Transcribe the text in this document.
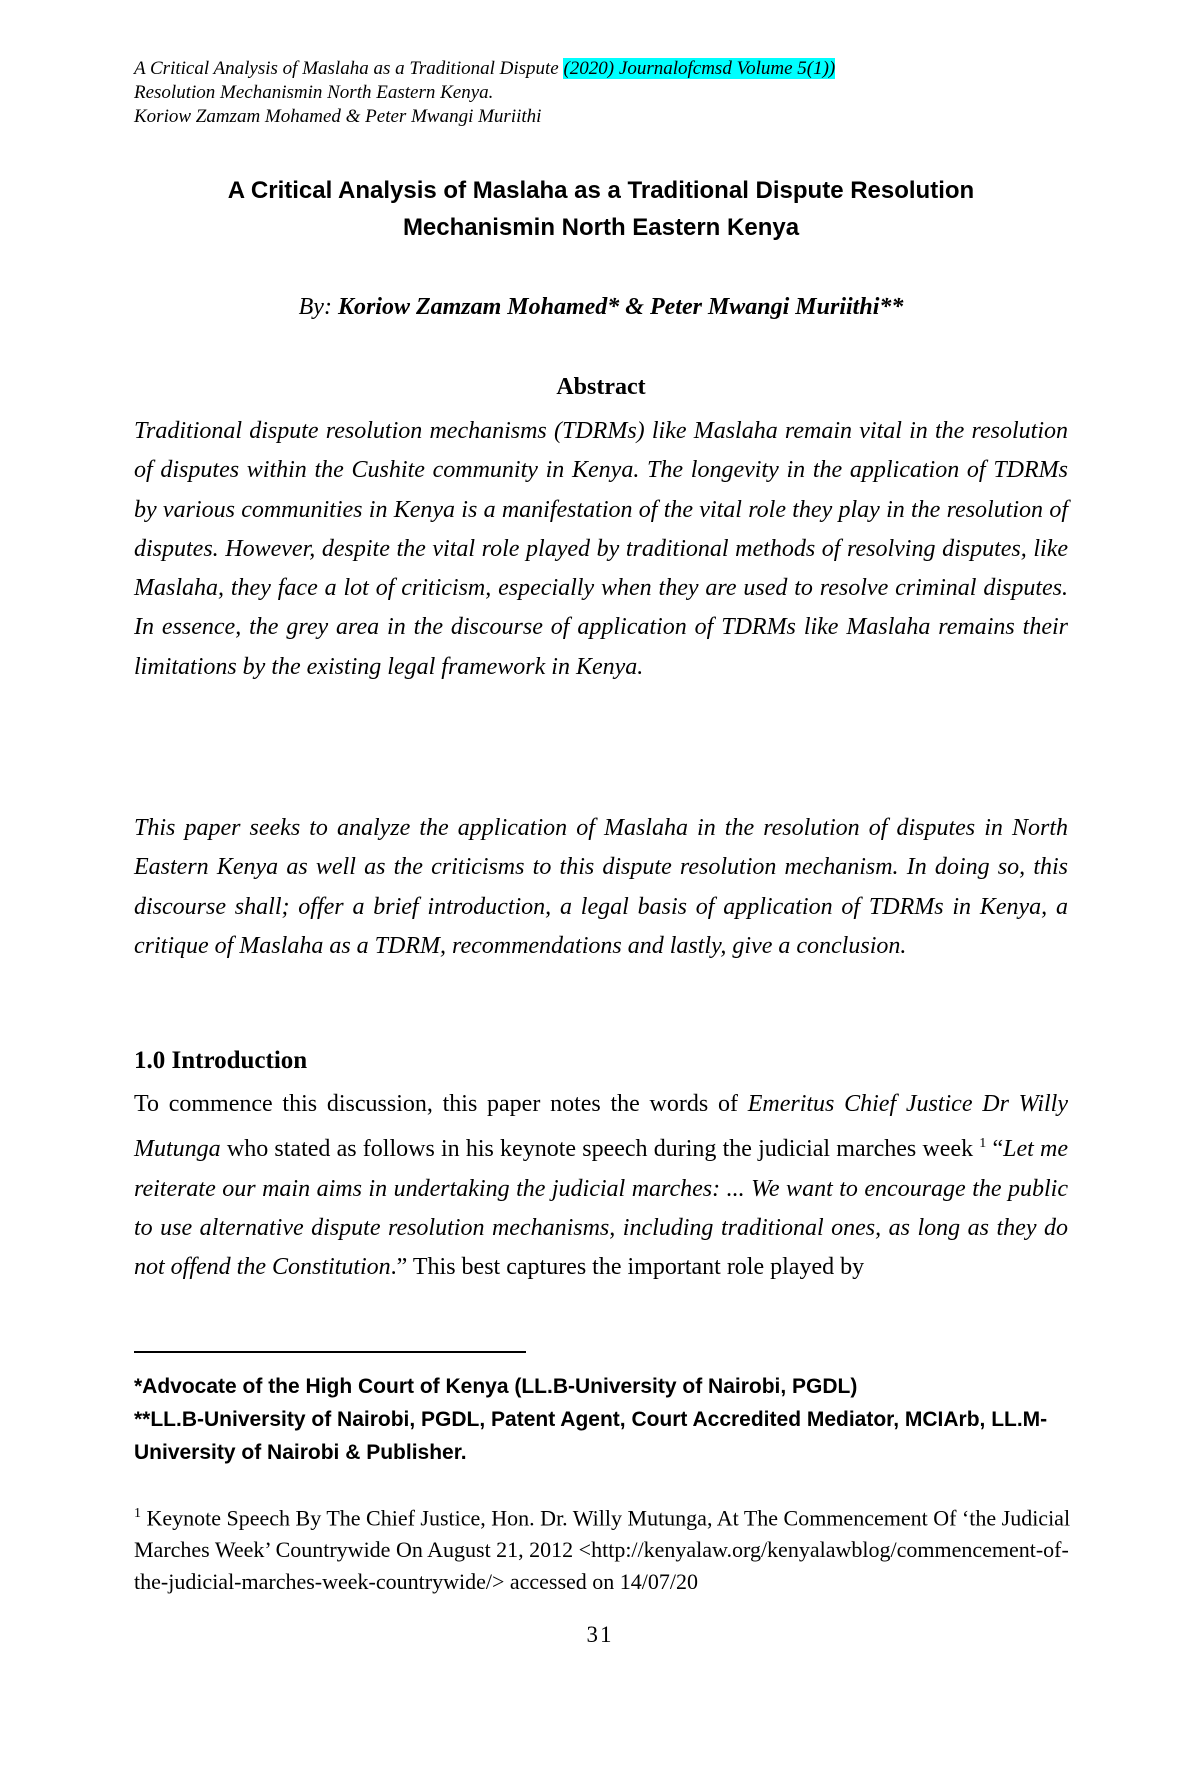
A Critical Analysis of Maslaha as a Traditional Dispute (2020) Journalofcmsd Volume 5(1))
Resolution Mechanismin North Eastern Kenya.
Koriow Zamzam Mohamed & Peter Mwangi Muriithi
A Critical Analysis of Maslaha as a Traditional Dispute Resolution
Mechanismin North Eastern Kenya
By: Koriow Zamzam Mohamed* & Peter Mwangi Muriithi**
Abstract
Traditional dispute resolution mechanisms (TDRMs) like Maslaha remain vital in the resolution of disputes within the Cushite community in Kenya. The longevity in the application of TDRMs by various communities in Kenya is a manifestation of the vital role they play in the resolution of disputes. However, despite the vital role played by traditional methods of resolving disputes, like Maslaha, they face a lot of criticism, especially when they are used to resolve criminal disputes. In essence, the grey area in the discourse of application of TDRMs like Maslaha remains their limitations by the existing legal framework in Kenya.
This paper seeks to analyze the application of Maslaha in the resolution of disputes in North Eastern Kenya as well as the criticisms to this dispute resolution mechanism. In doing so, this discourse shall; offer a brief introduction, a legal basis of application of TDRMs in Kenya, a critique of Maslaha as a TDRM, recommendations and lastly, give a conclusion.
1.0 Introduction
To commence this discussion, this paper notes the words of Emeritus Chief Justice Dr Willy Mutunga who stated as follows in his keynote speech during the judicial marches week $^1$ “Let me reiterate our main aims in undertaking the judicial marches: ... We want to encourage the public to use alternative dispute resolution mechanisms, including traditional ones, as long as they do not offend the Constitution.” This best captures the important role played by
*Advocate of the High Court of Kenya (LL.B-University of Nairobi, PGDL)
**LL.B-University of Nairobi, PGDL, Patent Agent, Court Accredited Mediator, MCIArb, LL.M-University of Nairobi & Publisher.
$^1$ Keynote Speech By The Chief Justice, Hon. Dr. Willy Mutunga, At The Commencement Of ‘the Judicial Marches Week’ Countrywide On August 21, 2012 <http://kenyalaw.org/kenyalawblog/commencement-of-the-judicial-marches-week-countrywide/> accessed on 14/07/20
31
